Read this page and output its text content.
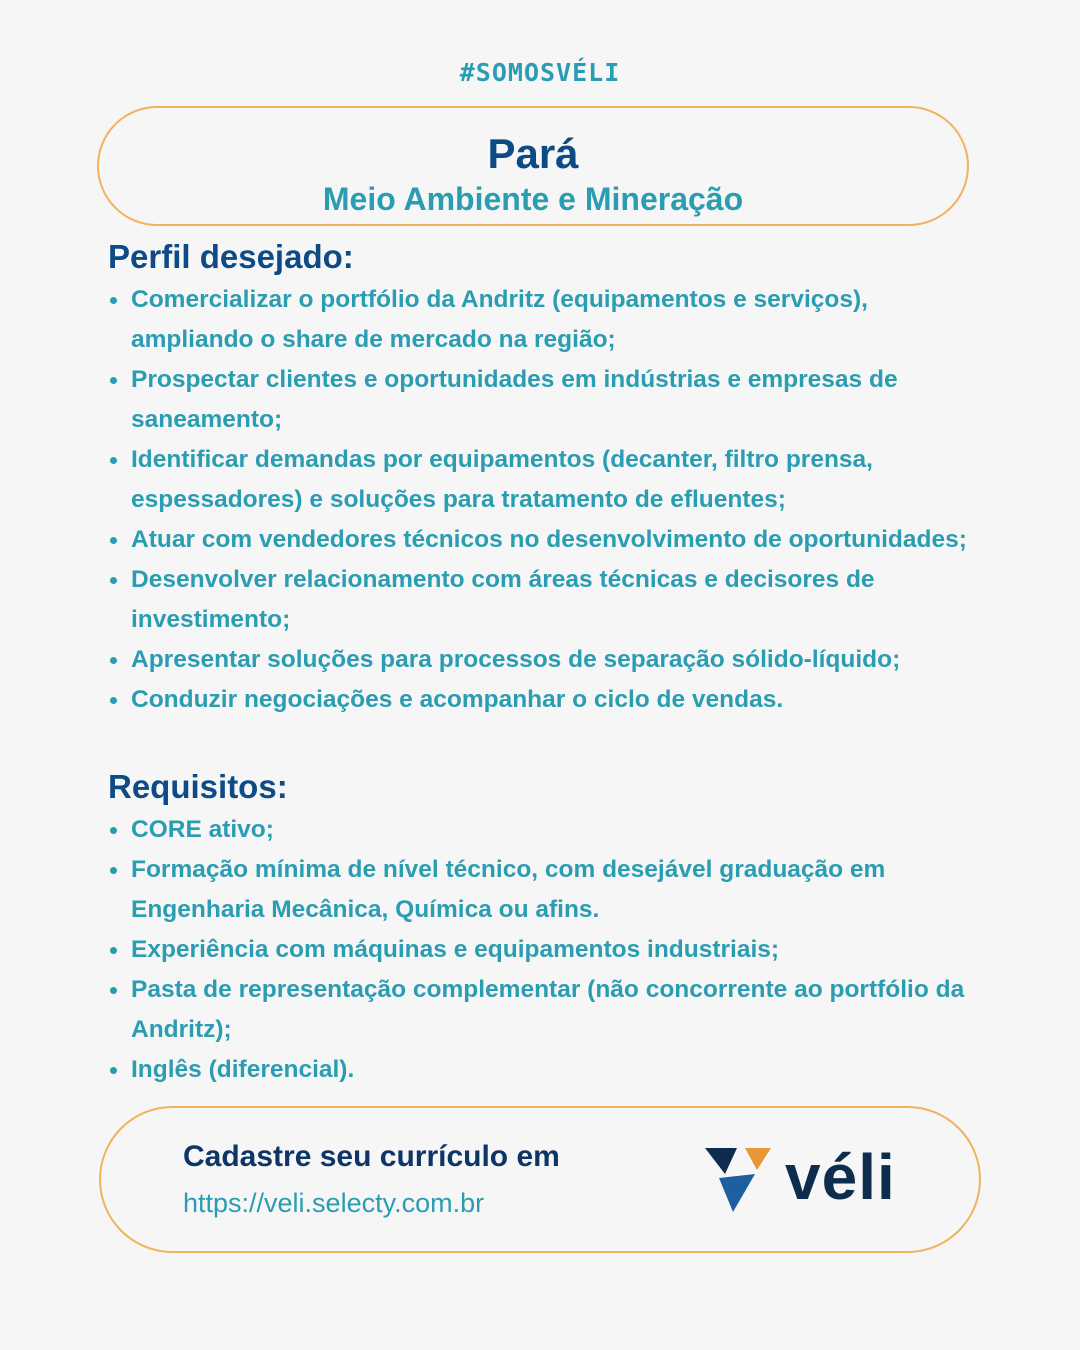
#SOMOSVÉLI
Pará
Meio Ambiente e Mineração
Perfil desejado:
Comercializar o portfólio da Andritz (equipamentos e serviços), ampliando o share de mercado na região;
Prospectar clientes e oportunidades em indústrias e empresas de saneamento;
Identificar demandas por equipamentos (decanter, filtro prensa, espessadores) e soluções para tratamento de efluentes;
Atuar com vendedores técnicos no desenvolvimento de oportunidades;
Desenvolver relacionamento com áreas técnicas e decisores de investimento;
Apresentar soluções para processos de separação sólido-líquido;
Conduzir negociações e acompanhar o ciclo de vendas.
Requisitos:
CORE ativo;
Formação mínima de nível técnico, com desejável graduação em Engenharia Mecânica, Química ou afins.
Experiência com máquinas e equipamentos industriais;
Pasta de representação complementar (não concorrente ao portfólio da Andritz);
Inglês (diferencial).
Cadastre seu currículo em
https://veli.selecty.com.br	véli
